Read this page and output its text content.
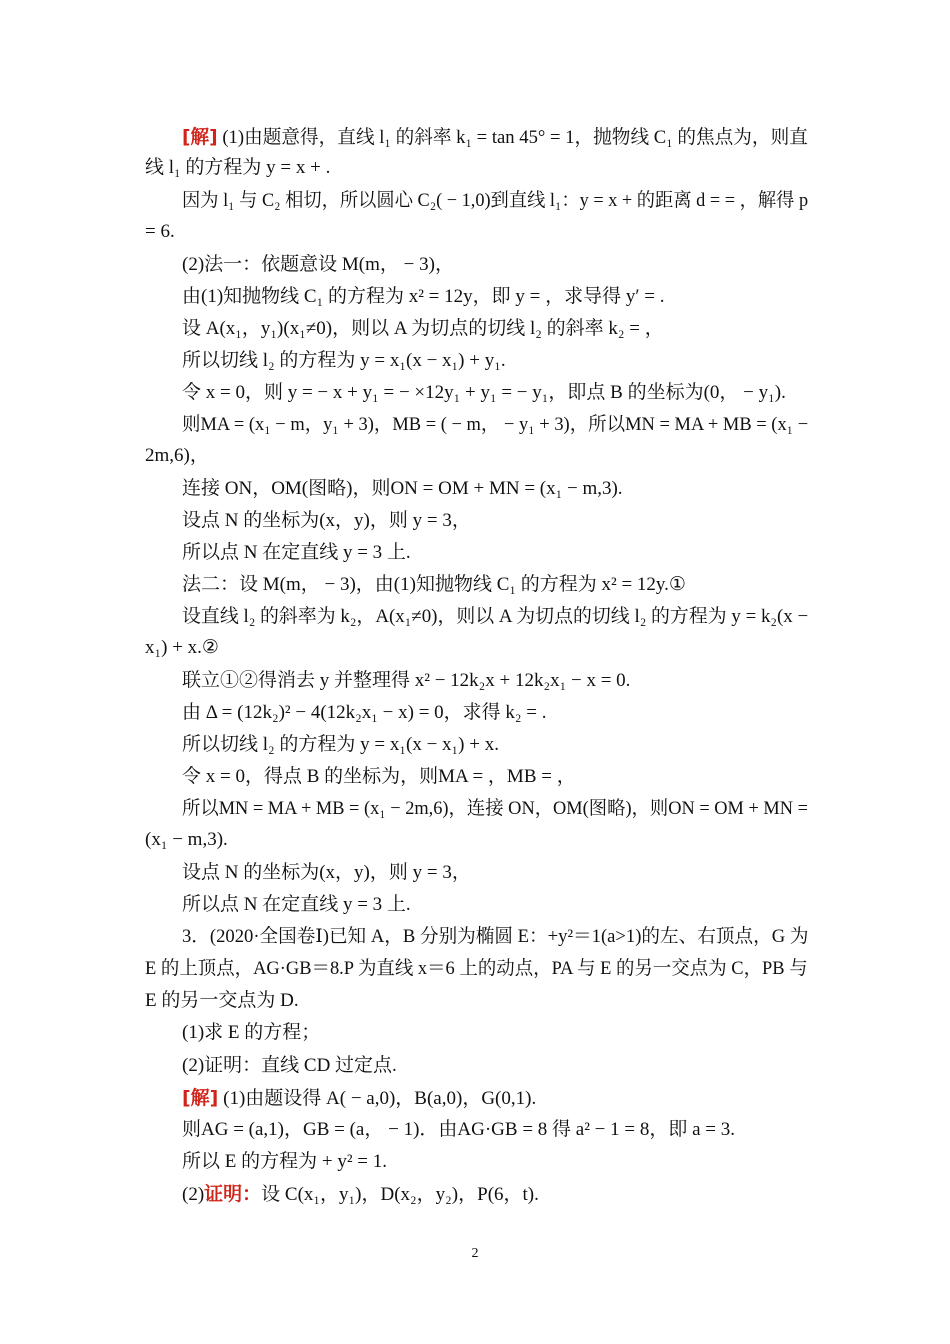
[解] (1)由题意得，直线 l₁ 的斜率 k₁ = tan 45° = 1，抛物线 C₁ 的焦点为，则直
线 l₁ 的方程为 y = x + .
因为 l₁ 与 C₂ 相切，所以圆心 C₂( − 1,0)到直线 l₁：y = x + 的距离 d = = ，解得 p
= 6.
(2)法一：依题意设 M(m， − 3)，
由(1)知抛物线 C₁ 的方程为 x² = 12y，即 y = ，求导得 y′ = .
设 A(x₁，y₁)(x₁≠0)，则以 A 为切点的切线 l₂ 的斜率 k₂ = ，
所以切线 l₂ 的方程为 y = x₁(x − x₁) + y₁.
令 x = 0，则 y = − x + y₁ = − ×12y₁ + y₁ = − y₁，即点 B 的坐标为(0， − y₁).
则MA = (x₁ − m，y₁ + 3)，MB = ( − m， − y₁ + 3)，所以MN = MA + MB = (x₁ −
2m,6)，
连接 ON，OM(图略)，则ON = OM + MN = (x₁ − m,3).
设点 N 的坐标为(x，y)，则 y = 3，
所以点 N 在定直线 y = 3 上.
法二：设 M(m， − 3)，由(1)知抛物线 C₁ 的方程为 x² = 12y.①
设直线 l₂ 的斜率为 k₂，A(x₁≠0)，则以 A 为切点的切线 l₂ 的方程为 y = k₂(x −
x₁) + x.②
联立①②得消去 y 并整理得 x² − 12k₂x + 12k₂x₁ − x = 0.
由 Δ = (12k₂)² − 4(12k₂x₁ − x) = 0，求得 k₂ = .
所以切线 l₂ 的方程为 y = x₁(x − x₁) + x.
令 x = 0，得点 B 的坐标为，则MA = ，MB = ，
所以MN = MA + MB = (x₁ − 2m,6)，连接 ON，OM(图略)，则ON = OM + MN =
(x₁ − m,3).
设点 N 的坐标为(x，y)，则 y = 3，
所以点 N 在定直线 y = 3 上.
3．(2020·全国卷Ⅰ)已知 A，B 分别为椭圆 E：+y²＝1(a>1)的左、右顶点，G 为
E 的上顶点，AG·GB＝8.P 为直线 x＝6 上的动点，PA 与 E 的另一交点为 C，PB 与
E 的另一交点为 D.
(1)求 E 的方程；
(2)证明：直线 CD 过定点.
[解] (1)由题设得 A( − a,0)，B(a,0)，G(0,1).
则AG = (a,1)，GB = (a， − 1)．由AG·GB = 8 得 a² − 1 = 8，即 a = 3.
所以 E 的方程为 + y² = 1.
(2)证明：设 C(x₁，y₁)，D(x₂，y₂)，P(6，t).
2
